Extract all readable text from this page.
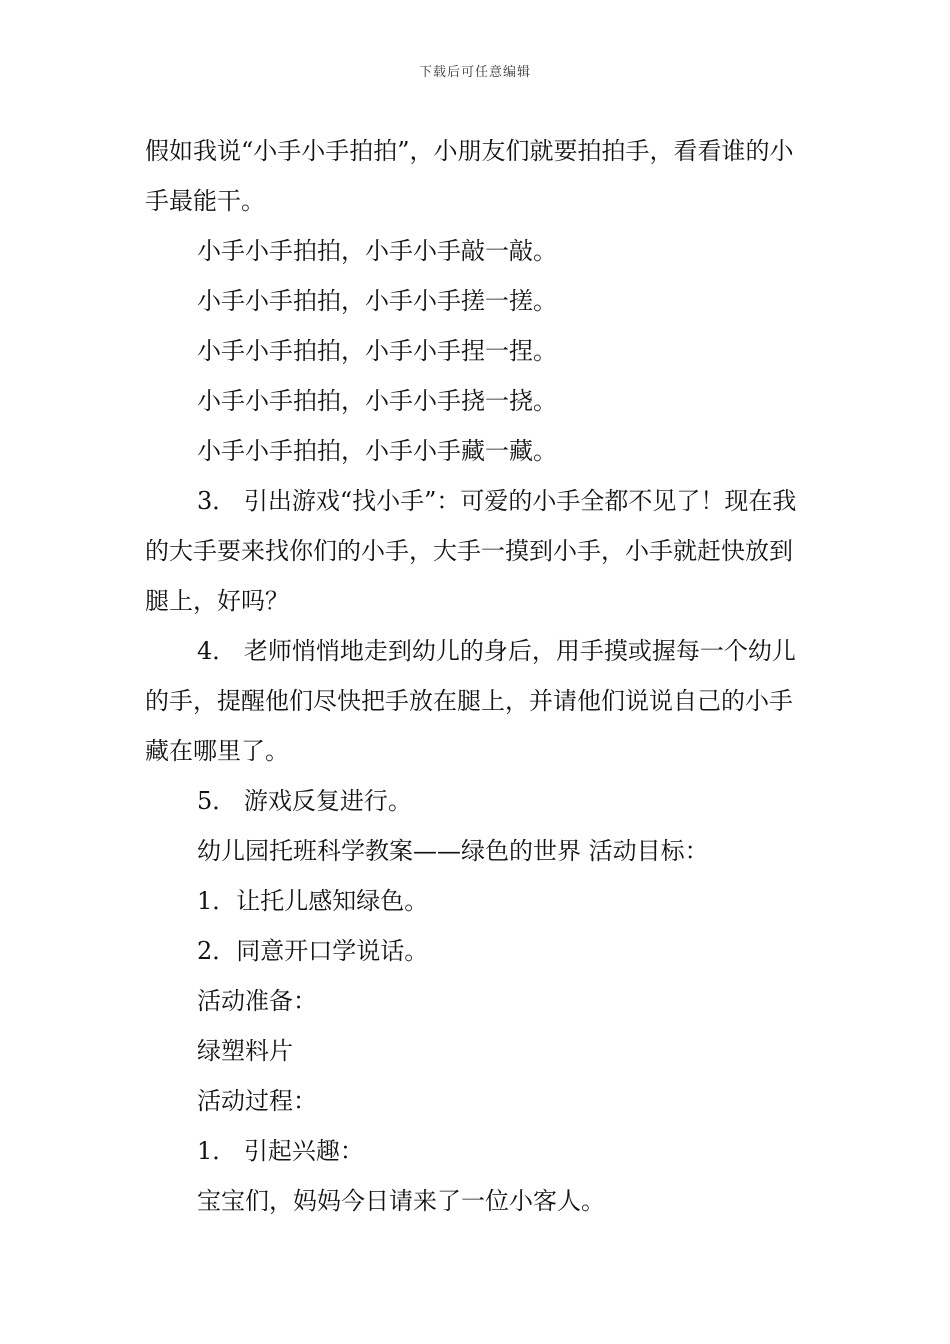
下载后可任意编辑

假如我说“小手小手拍拍”，小朋友们就要拍拍手，看看谁的小手最能干。

小手小手拍拍，小手小手敲一敲。

小手小手拍拍，小手小手搓一搓。

小手小手拍拍，小手小手捏一捏。

小手小手拍拍，小手小手挠一挠。

小手小手拍拍，小手小手藏一藏。

3． 引出游戏“找小手”：可爱的小手全都不见了！现在我的大手要来找你们的小手，大手一摸到小手，小手就赶快放到腿上，好吗？

4． 老师悄悄地走到幼儿的身后，用手摸或握每一个幼儿的手，提醒他们尽快把手放在腿上，并请他们说说自己的小手藏在哪里了。

5． 游戏反复进行。

幼儿园托班科学教案——绿色的世界 活动目标：

1．让托儿感知绿色。

2．同意开口学说话。

活动准备：

绿塑料片

活动过程：

1． 引起兴趣：

宝宝们，妈妈今日请来了一位小客人。
